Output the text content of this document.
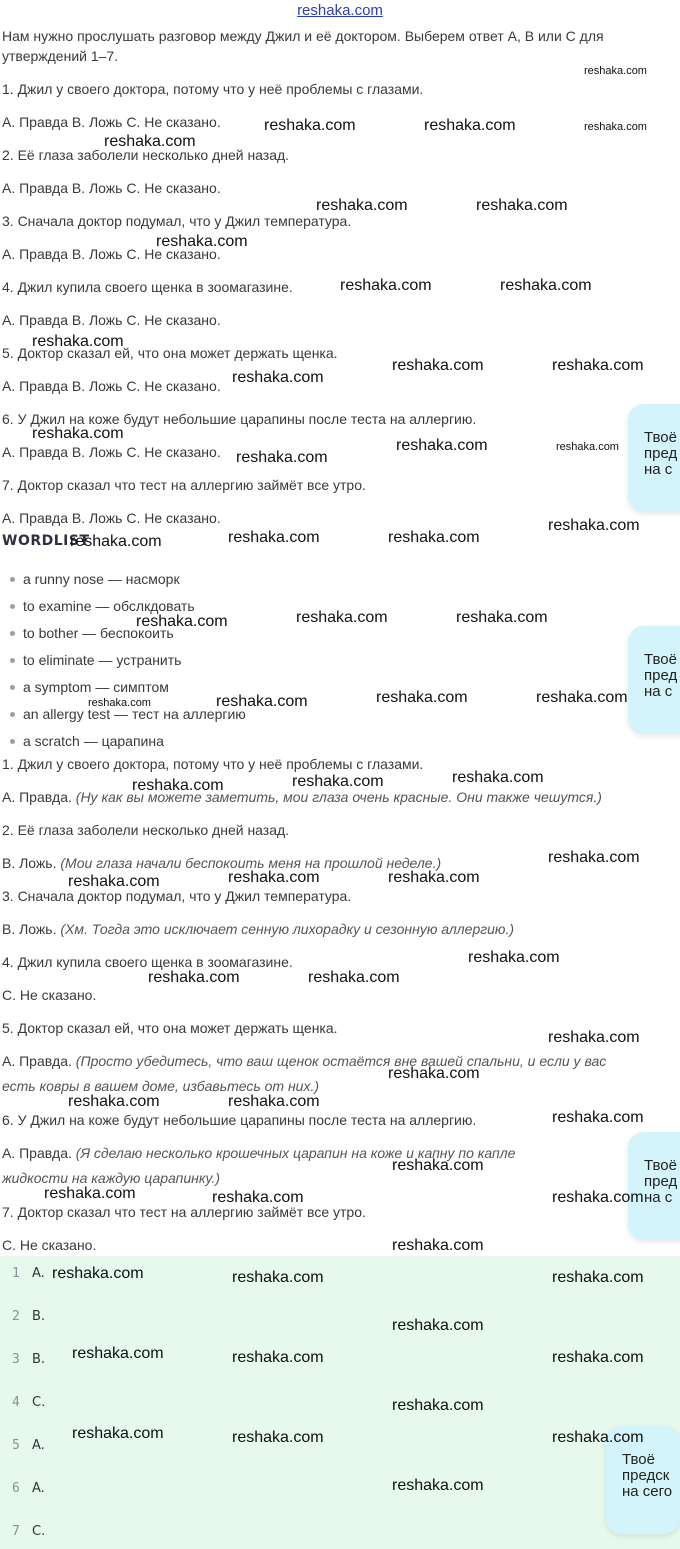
reshaka.com
Нам нужно прослушать разговор между Джил и её доктором. Выберем ответ А, В или С для утверждений 1–7.
1. Джил у своего доктора, потому что у неё проблемы с глазами.
A. Правда B. Ложь C. Не сказано.
2. Её глаза заболели несколько дней назад.
A. Правда B. Ложь C. Не сказано.
3. Сначала доктор подумал, что у Джил температура.
A. Правда B. Ложь C. Не сказано.
4. Джил купила своего щенка в зоомагазине.
A. Правда B. Ложь C. Не сказано.
5. Доктор сказал ей, что она может держать щенка.
A. Правда B. Ложь C. Не сказано.
6. У Джил на коже будут небольшие царапины после теста на аллергию.
A. Правда B. Ложь C. Не сказано.
7. Доктор сказал что тест на аллергию займёт все утро.
A. Правда B. Ложь C. Не сказано.
WORDLIST
a runny nose — насморк
to examine — обслкдовать
to bother — беспокоить
to eliminate — устранить
a symptom — симптом
an allergy test — тест на аллергию
a scratch — царапина
1. Джил у своего доктора, потому что у неё проблемы с глазами.
A. Правда. (Ну как вы можете заметить, мои глаза очень красные. Они также чешутся.)
2. Её глаза заболели несколько дней назад.
B. Ложь. (Мои глаза начали беспокоить меня на прошлой неделе.)
3. Сначала доктор подумал, что у Джил температура.
B. Ложь. (Хм. Тогда это исключает сенную лихорадку и сезонную аллергию.)
4. Джил купила своего щенка в зоомагазине.
C. Не сказано.
5. Доктор сказал ей, что она может держать щенка.
A. Правда. (Просто убедитесь, что ваш щенок остаётся вне вашей спальни, и если у вас
есть ковры в вашем доме, избавьтесь от них.)
6. У Джил на коже будут небольшие царапины после теста на аллергию.
A. Правда. (Я сделаю несколько крошечных царапин на коже и капну по капле
жидкости на каждую царапинку.)
7. Доктор сказал что тест на аллергию займёт все утро.
C. Не сказано.
1 A.
2 B.
3 B.
4 C.
5 A.
6 A.
7 C.
Твоё
пред
на с
Твоё
пред
на с
Твоё
пред
на с
Твоё
предск
на сего
reshaka.com
reshaka.com	reshaka.com	reshaka.com
reshaka.com
reshaka.com	reshaka.com
reshaka.com
reshaka.com	reshaka.com
reshaka.com
reshaka.com	reshaka.com
reshaka.com
reshaka.com
reshaka.com	reshaka.com
reshaka.com
reshaka.com
reshaka.com	reshaka.com
reshaka.com
reshaka.com	reshaka.com
reshaka.com
reshaka.com	reshaka.com
reshaka.com
reshaka.com
reshaka.com
reshaka.com
reshaka.com
reshaka.com
reshaka.com	reshaka.com
reshaka.com
reshaka.com
reshaka.com	reshaka.com
reshaka.com
reshaka.com
reshaka.com	reshaka.com
reshaka.com
reshaka.com
reshaka.com	reshaka.com
reshaka.com
reshaka.com
reshaka.com	reshaka.com	reshaka.com
reshaka.com
reshaka.com	reshaka.com	reshaka.com
reshaka.com
reshaka.com	reshaka.com	reshaka.com
reshaka.com
